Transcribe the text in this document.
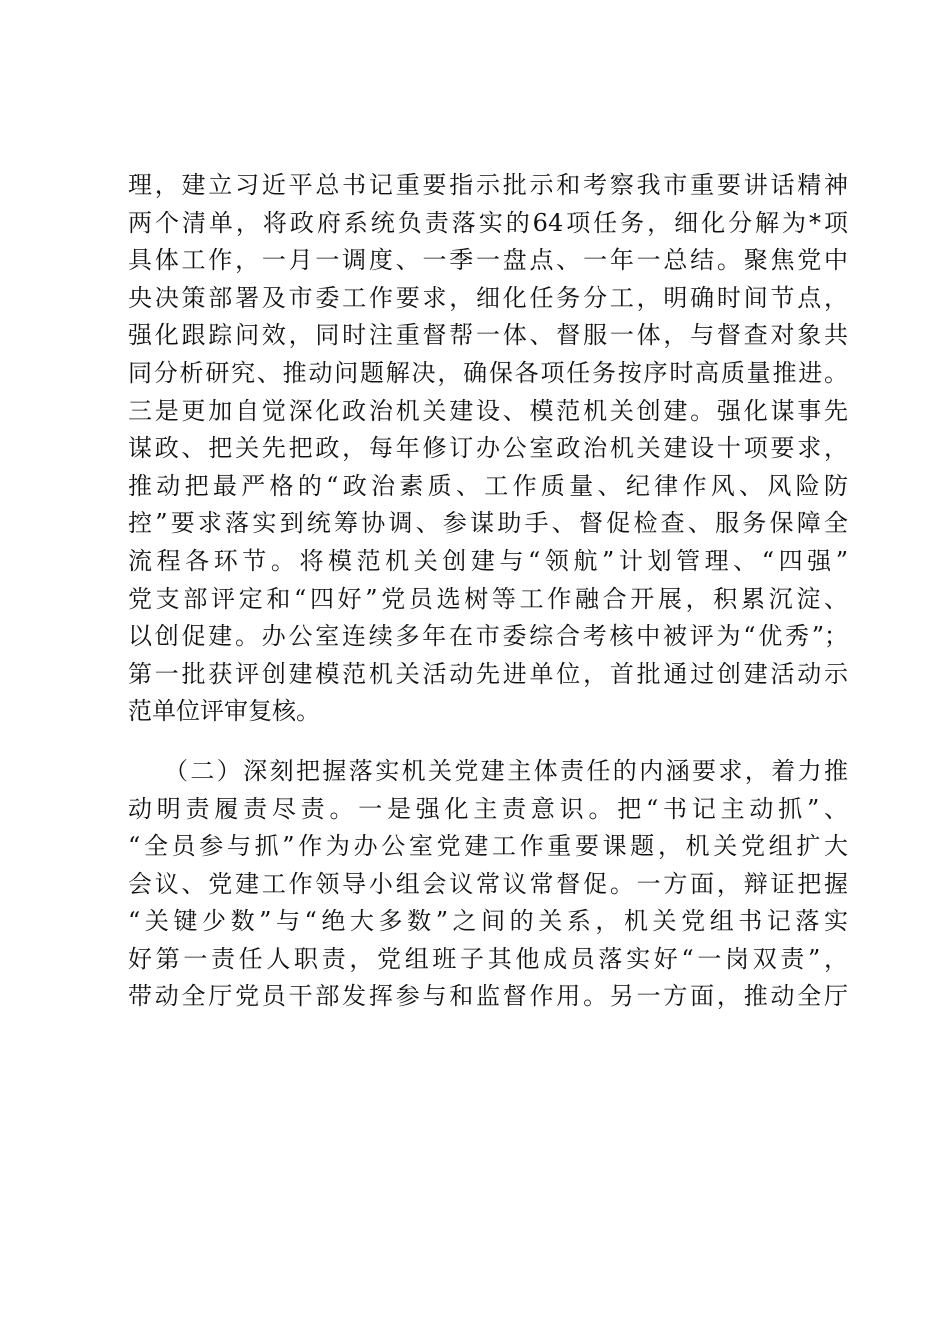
理，建立习近平总书记重要指示批示和考察我市重要讲话精神
两个清单，将政府系统负责落实的64项任务，细化分解为*项
具体工作，一月一调度、一季一盘点、一年一总结。聚焦党中
央决策部署及市委工作要求，细化任务分工，明确时间节点，
强化跟踪问效，同时注重督帮一体、督服一体，与督查对象共
同分析研究、推动问题解决，确保各项任务按序时高质量推进。
三是更加自觉深化政治机关建设、模范机关创建。强化谋事先
谋政、把关先把政，每年修订办公室政治机关建设十项要求，
推动把最严格的“政治素质、工作质量、纪律作风、风险防
控”要求落实到统筹协调、参谋助手、督促检查、服务保障全
流程各环节。将模范机关创建与“领航”计划管理、“四强”
党支部评定和“四好”党员选树等工作融合开展，积累沉淀、
以创促建。办公室连续多年在市委综合考核中被评为“优秀”；
第一批获评创建模范机关活动先进单位，首批通过创建活动示
范单位评审复核。
（二）深刻把握落实机关党建主体责任的内涵要求，着力推
动明责履责尽责。一是强化主责意识。把“书记主动抓”、
“全员参与抓”作为办公室党建工作重要课题，机关党组扩大
会议、党建工作领导小组会议常议常督促。一方面，辩证把握
“关键少数”与“绝大多数”之间的关系，机关党组书记落实
好第一责任人职责，党组班子其他成员落实好“一岗双责”，
带动全厅党员干部发挥参与和监督作用。另一方面，推动全厅
